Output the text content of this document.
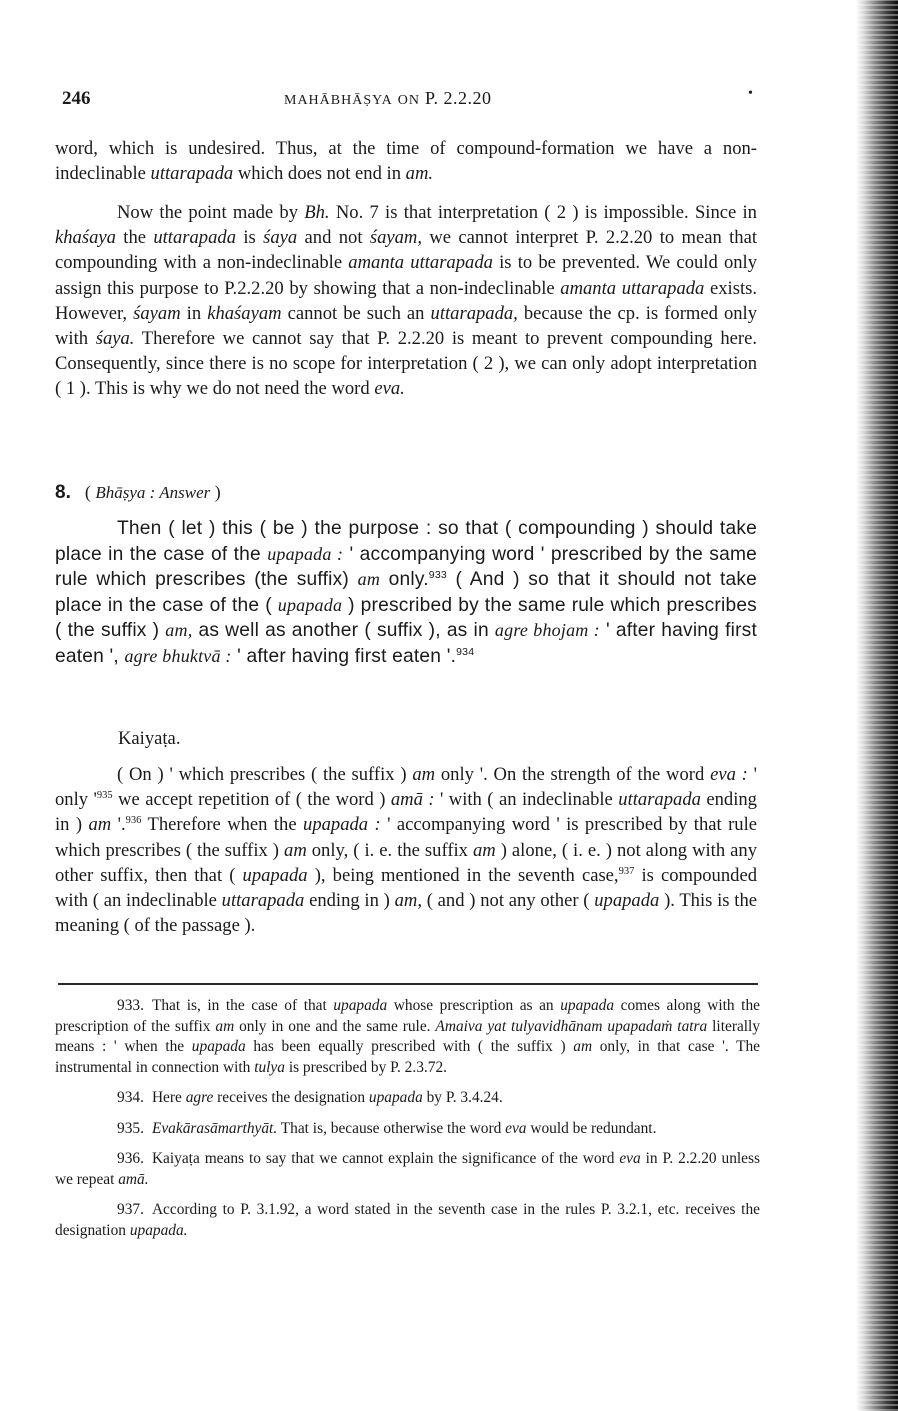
246	MAHĀBHĀṢYA ON P. 2.2.20	•

word, which is undesired. Thus, at the time of compound-formation we have a non-indeclinable uttarapada which does not end in am.

Now the point made by Bh. No. 7 is that interpretation ( 2 ) is impossible. Since in khaśaya the uttarapada is śaya and not śayam, we cannot interpret P. 2.2.20 to mean that compounding with a non-indeclinable amanta uttarapada is to be prevented. We could only assign this purpose to P.2.2.20 by showing that a non-indeclinable amanta uttarapada exists. However, śayam in khaśayam cannot be such an uttarapada, because the cp. is formed only with śaya. Therefore we cannot say that P. 2.2.20 is meant to prevent compounding here. Consequently, since there is no scope for interpretation ( 2 ), we can only adopt interpretation ( 1 ). This is why we do not need the word eva.

8. ( Bhāṣya : Answer )

Then ( let ) this ( be ) the purpose : so that ( compounding ) should take place in the case of the upapada : ' accompanying word ' prescribed by the same rule which prescribes (the suffix) am only.$^{933}$ ( And ) so that it should not take place in the case of the ( upapada ) prescribed by the same rule which prescribes ( the suffix ) am, as well as another ( suffix ), as in agre bhojam : ' after having first eaten ', agre bhuktvā : ' after having first eaten '.$^{934}$

Kaiyaṭa.

( On ) ' which prescribes ( the suffix ) am only '. On the strength of the word eva : ' only '$^{935}$ we accept repetition of ( the word ) amā : ' with ( an indeclinable uttarapada ending in ) am '.$^{936}$ Therefore when the upapada : ' accompanying word ' is prescribed by that rule which prescribes ( the suffix ) am only, ( i. e. the suffix am ) alone, ( i. e. ) not along with any other suffix, then that ( upapada ), being mentioned in the seventh case,$^{937}$ is compounded with ( an indeclinable uttarapada ending in ) am, ( and ) not any other ( upapada ). This is the meaning ( of the passage ).

933. That is, in the case of that upapada whose prescription as an upapada comes along with the prescription of the suffix am only in one and the same rule. Amaiva yat tulyavidhānam upapadaṁ tatra literally means : ' when the upapada has been equally prescribed with ( the suffix ) am only, in that case '. The instrumental in connection with tulya is prescribed by P. 2.3.72.

934. Here agre receives the designation upapada by P. 3.4.24.

935. Evakārasāmarthyāt. That is, because otherwise the word eva would be redundant.

936. Kaiyaṭa means to say that we cannot explain the significance of the word eva in P. 2.2.20 unless we repeat amā.

937. According to P. 3.1.92, a word stated in the seventh case in the rules P. 3.2.1, etc. receives the designation upapada.
